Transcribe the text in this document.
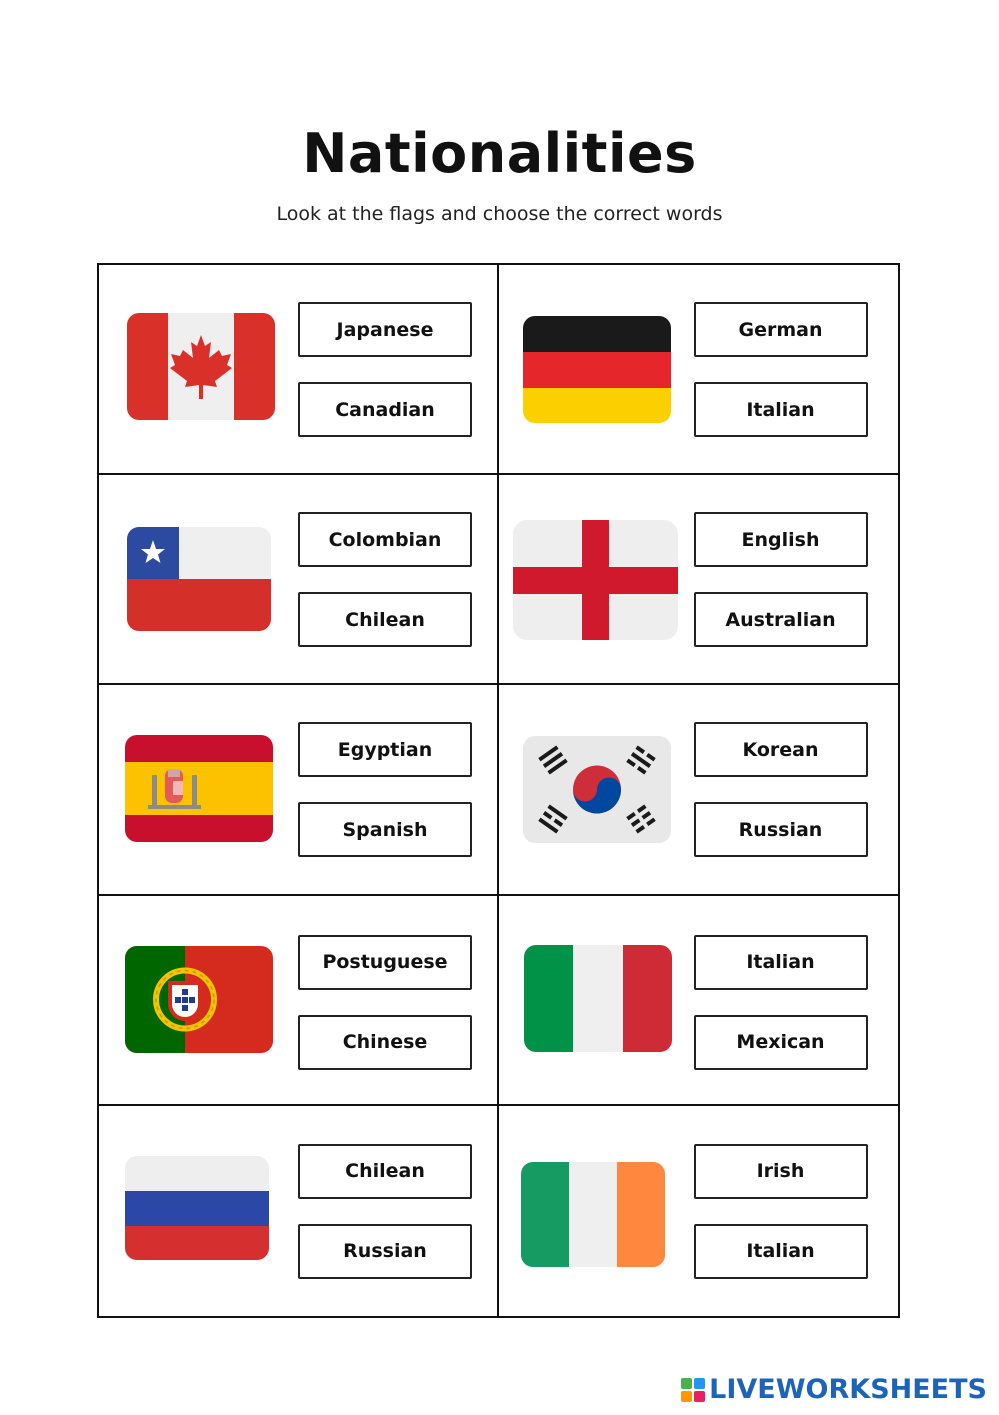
Nationalities
Look at the flags and choose the correct words
Japanese
Canadian
German
Italian
Colombian
Chilean
English
Australian
Egyptian
Spanish
Korean
Russian
Postuguese
Chinese
Italian
Mexican
Chilean
Russian
Irish
Italian
LIVEWORKSHEETS
